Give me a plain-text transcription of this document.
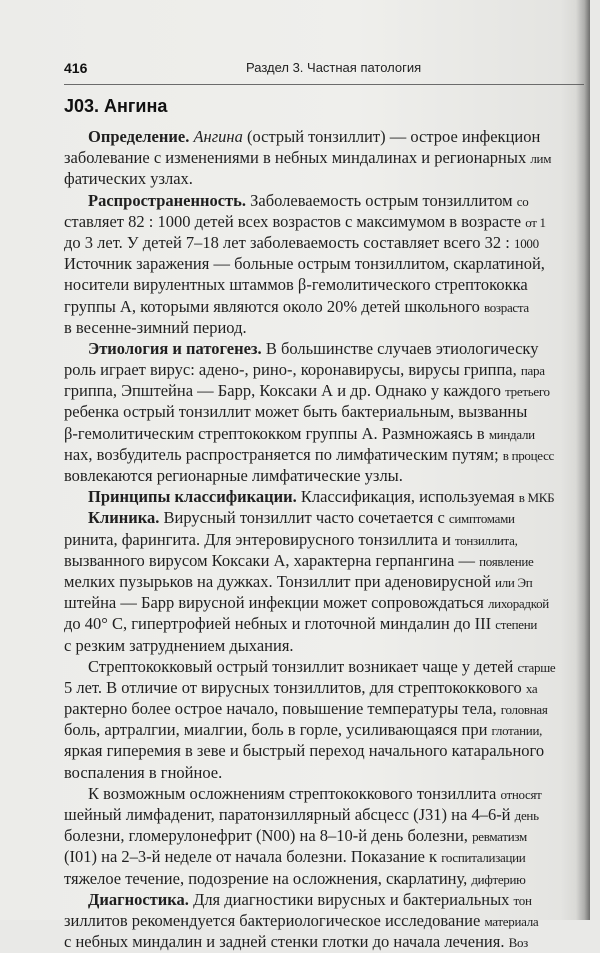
416	Раздел 3. Частная патология
J03. Ангина
Определение. Ангина (острый тонзиллит) — острое инфекцион
заболевание с изменениями в небных миндалинах и регионарных лим
фатических узлах.
Распространенность. Заболеваемость острым тонзиллитом со
ставляет 82 : 1000 детей всех возрастов с максимумом в возрасте от 1
до 3 лет. У детей 7–18 лет заболеваемость составляет всего 32 : 1000
Источник заражения — больные острым тонзиллитом, скарлатиной,
носители вирулентных штаммов β-гемолитического стрептококка
группы А, которыми являются около 20% детей школьного возраста
в весенне-зимний период.
Этиология и патогенез. В большинстве случаев этиологическу
роль играет вирус: адено-, рино-, коронавирусы, вирусы гриппа, пара
гриппа, Эпштейна — Барр, Коксаки А и др. Однако у каждого третьего
ребенка острый тонзиллит может быть бактериальным, вызванны
β-гемолитическим стрептококком группы А. Размножаясь в миндали
нах, возбудитель распространяется по лимфатическим путям; в процесс
вовлекаются регионарные лимфатические узлы.
Принципы классификации. Классификация, используемая в МКБ
Клиника. Вирусный тонзиллит часто сочетается с симптомами
ринита, фарингита. Для энтеровирусного тонзиллита и тонзиллита,
вызванного вирусом Коксаки А, характерна герпангина — появление
мелких пузырьков на дужках. Тонзиллит при аденовирусной или Эп
штейна — Барр вирусной инфекции может сопровождаться лихорадкой
до 40° С, гипертрофией небных и глоточной миндалин до III степени
с резким затруднением дыхания.
Стрептококковый острый тонзиллит возникает чаще у детей старше
5 лет. В отличие от вирусных тонзиллитов, для стрептококкового ха
рактерно более острое начало, повышение температуры тела, головная
боль, артралгии, миалгии, боль в горле, усиливающаяся при глотании,
яркая гиперемия в зеве и быстрый переход начального катарального
воспаления в гнойное.
К возможным осложнениям стрептококкового тонзиллита относят
шейный лимфаденит, паратонзиллярный абсцесс (J31) на 4–6-й день
болезни, гломерулонефрит (N00) на 8–10-й день болезни, ревматизм
(I01) на 2–3-й неделе от начала болезни. Показание к госпитализации
тяжелое течение, подозрение на осложнения, скарлатину, дифтерию
Диагностика. Для диагностики вирусных и бактериальных тон
зиллитов рекомендуется бактериологическое исследование материала
с небных миндалин и задней стенки глотки до начала лечения. Воз
